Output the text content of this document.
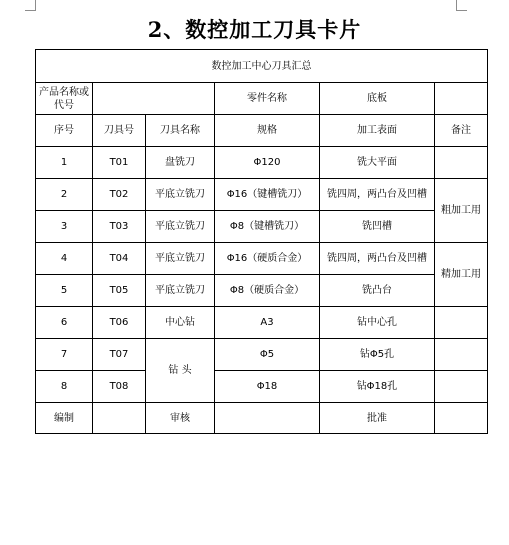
2、数控加工刀具卡片
数控加工中心刀具汇总					
产品名称或代号			零件名称	底板	
序号	刀具号	刀具名称	规格	加工表面	备注
1	T01	盘铣刀	Φ120	铣大平面	
2	T02	平底立铣刀	Φ16（键槽铣刀）	铣四周，两凸台及凹槽	粗加工用
3	T03	平底立铣刀	Φ8（键槽铣刀）	铣凹槽	
4	T04	平底立铣刀	Φ16（硬质合金）	铣四周，两凸台及凹槽	精加工用
5	T05	平底立铣刀	Φ8（硬质合金）	铣凸台	
6	T06	中心钻	A3	钻中心孔	
7	T07	钻 头	Φ5	钻Φ5孔	
8	T08		Φ18	钻Φ18孔	
编制		审核		批准	
